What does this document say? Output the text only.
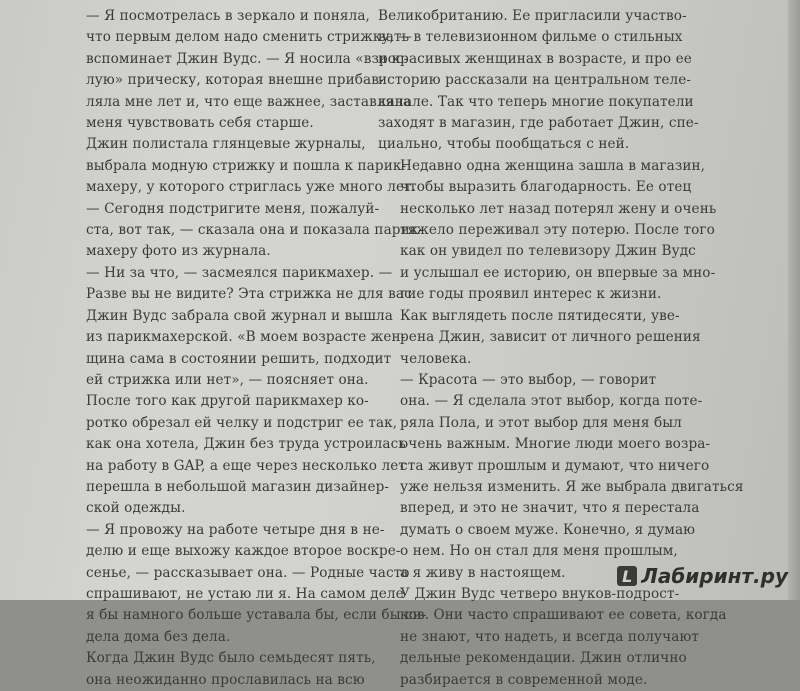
— Я посмотрелась в зеркало и поняла,
что первым делом надо сменить стрижку, —
вспоминает Джин Вудс. — Я носила «взрос-
лую» прическу, которая внешне прибав-
ляла мне лет и, что еще важнее, заставляла
меня чувствовать себя старше.

Джин полистала глянцевые журналы,
выбрала модную стрижку и пошла к парик-
махеру, у которого стриглась уже много лет.

— Сегодня подстригите меня, пожалуй-
ста, вот так, — сказала она и показала парик-
махеру фото из журнала.

— Ни за что, — засмеялся парикмахер. —
Разве вы не видите? Эта стрижка не для вас.

Джин Вудс забрала свой журнал и вышла
из парикмахерской. «В моем возрасте жен-
щина сама в состоянии решить, подходит
ей стрижка или нет», — поясняет она.

После того как другой парикмахер ко-
ротко обрезал ей челку и подстриг ее так,
как она хотела, Джин без труда устроилась
на работу в GAP, а еще через несколько лет
перешла в небольшой магазин дизайнер-
ской одежды.

— Я провожу на работе четыре дня в не-
делю и еще выхожу каждое второе воскре-
сенье, — рассказывает она. — Родные часто
спрашивают, не устаю ли я. На самом деле
я бы намного больше уставала бы, если бы си-
дела дома без дела.

Когда Джин Вудс было семьдесят пять,
она неожиданно прославилась на всю

Великобританию. Ее пригласили участво-
вать в телевизионном фильме о стильных
и красивых женщинах в возрасте, и про ее
историю рассказали на центральном теле-
канале. Так что теперь многие покупатели
заходят в магазин, где работает Джин, спе-
циально, чтобы пообщаться с ней.

Недавно одна женщина зашла в магазин,
чтобы выразить благодарность. Ее отец
несколько лет назад потерял жену и очень
тяжело переживал эту потерю. После того
как он увидел по телевизору Джин Вудс
и услышал ее историю, он впервые за мно-
гие годы проявил интерес к жизни.

Как выглядеть после пятидесяти, уве-
рена Джин, зависит от личного решения
человека.

— Красота — это выбор, — говорит
она. — Я сделала этот выбор, когда поте-
ряла Пола, и этот выбор для меня был
очень важным. Многие люди моего возра-
ста живут прошлым и думают, что ничего
уже нельзя изменить. Я же выбрала двигаться
вперед, и это не значит, что я перестала
думать о своем муже. Конечно, я думаю
о нем. Но он стал для меня прошлым,
а я живу в настоящем.

У Джин Вудс четверо внуков-подрост-
ков. Они часто спрашивают ее совета, когда
не знают, что надеть, и всегда получают
дельные рекомендации. Джин отлично
разбирается в современной моде.

L Лабиринт.ру
